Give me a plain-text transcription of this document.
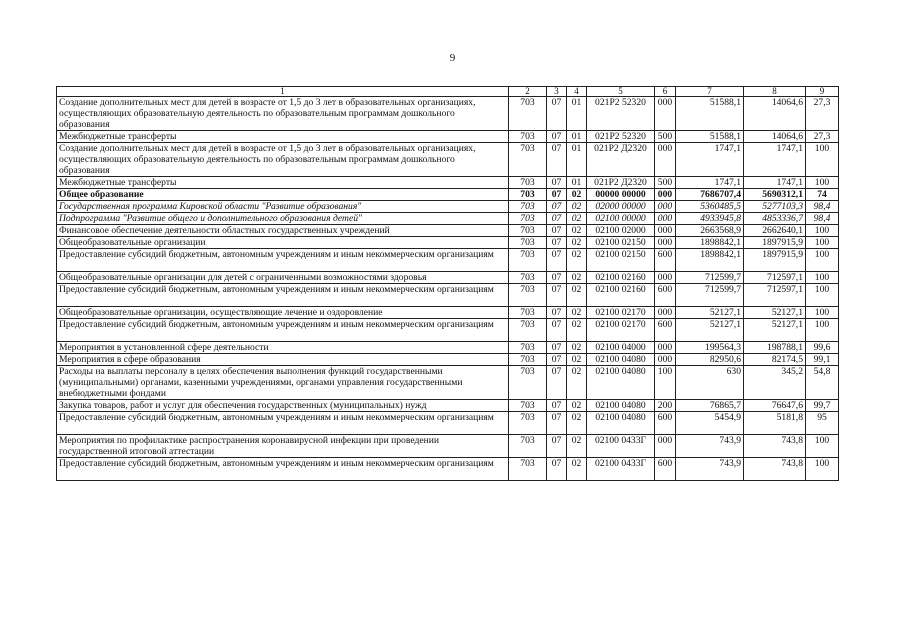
9
1	2	3	4	5	6	7	8	9
Создание дополнительных мест для детей в возрасте от 1,5 до 3 лет в образовательных организациях, осуществляющих образовательную деятельность по образовательным программам дошкольного образования	703	07	01	021Р2 52320	000	51588,1	14064,6	27,3
Межбюджетные трансферты	703	07	01	021Р2 52320	500	51588,1	14064,6	27,3
Создание дополнительных мест для детей в возрасте от 1,5 до 3 лет в образовательных организациях, осуществляющих образовательную деятельность по образовательным программам дошкольного образования	703	07	01	021Р2 Д2320	000	1747,1	1747,1	100
Межбюджетные трансферты	703	07	01	021Р2 Д2320	500	1747,1	1747,1	100
Общее образование	703	07	02	00000 00000	000	7686707,4	5690312,1	74
Государственная программа Кировской области "Развитие образования"	703	07	02	02000 00000	000	5360485,5	5277103,3	98,4
Подпрограмма "Развитие общего и дополнительного образования детей"	703	07	02	02100 00000	000	4933945,8	4853336,7	98,4
Финансовое обеспечение деятельности областных государственных учреждений	703	07	02	02100 02000	000	2663568,9	2662640,1	100
Общеобразовательные организации	703	07	02	02100 02150	000	1898842,1	1897915,9	100
Предоставление субсидий бюджетным, автономным учреждениям и иным некоммерческим организациям	703	07	02	02100 02150	600	1898842,1	1897915,9	100
Общеобразовательные организации для детей с ограниченными возможностями здоровья	703	07	02	02100 02160	000	712599,7	712597,1	100
Предоставление субсидий бюджетным, автономным учреждениям и иным некоммерческим организациям	703	07	02	02100 02160	600	712599,7	712597,1	100
Общеобразовательные организации, осуществляющие лечение и оздоровление	703	07	02	02100 02170	000	52127,1	52127,1	100
Предоставление субсидий бюджетным, автономным учреждениям и иным некоммерческим организациям	703	07	02	02100 02170	600	52127,1	52127,1	100
Мероприятия в установленной сфере деятельности	703	07	02	02100 04000	000	199564,3	198788,1	99,6
Мероприятия в сфере образования	703	07	02	02100 04080	000	82950,6	82174,5	99,1
Расходы на выплаты персоналу в целях обеспечения выполнения функций государственными (муниципальными) органами, казенными учреждениями, органами управления государственными внебюджетными фондами	703	07	02	02100 04080	100	630	345,2	54,8
Закупка товаров, работ и услуг для обеспечения государственных (муниципальных) нужд	703	07	02	02100 04080	200	76865,7	76647,6	99,7
Предоставление субсидий бюджетным, автономным учреждениям и иным некоммерческим организациям	703	07	02	02100 04080	600	5454,9	5181,8	95
Мероприятия по профилактике распространения коронавирусной инфекции при проведении государственной итоговой аттестации	703	07	02	02100 0433Г	000	743,9	743,8	100
Предоставление субсидий бюджетным, автономным учреждениям и иным некоммерческим организациям	703	07	02	02100 0433Г	600	743,9	743,8	100
